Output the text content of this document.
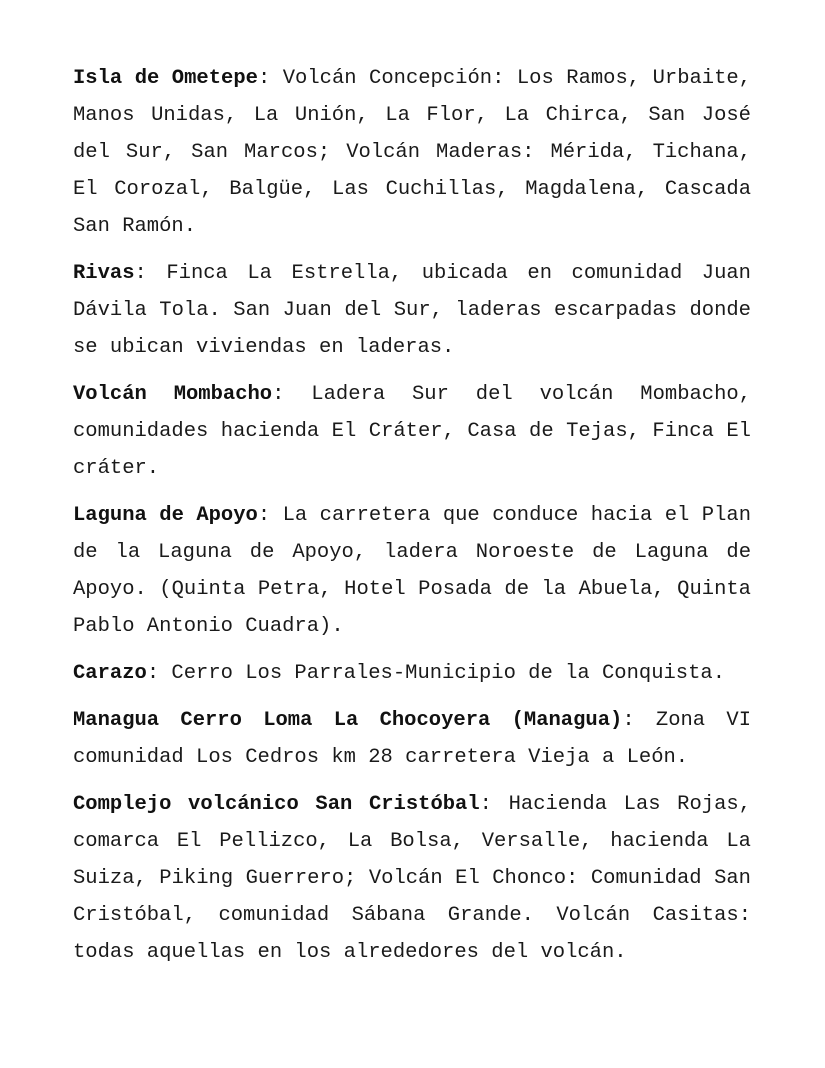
Isla de Ometepe: Volcán Concepción: Los Ramos, Urbaite, Manos Unidas, La Unión, La Flor, La Chirca, San José del Sur, San Marcos; Volcán Maderas: Mérida, Tichana, El Corozal, Balgüe, Las Cuchillas, Magdalena, Cascada San Ramón.

Rivas: Finca La Estrella, ubicada en comunidad Juan Dávila Tola. San Juan del Sur, laderas escarpadas donde se ubican viviendas en laderas.

Volcán Mombacho: Ladera Sur del volcán Mombacho, comunidades hacienda El Cráter, Casa de Tejas, Finca El cráter.

Laguna de Apoyo: La carretera que conduce hacia el Plan de la Laguna de Apoyo, ladera Noroeste de Laguna de Apoyo. (Quinta Petra, Hotel Posada de la Abuela, Quinta Pablo Antonio Cuadra).

Carazo: Cerro Los Parrales-Municipio de la Conquista.

Managua Cerro Loma La Chocoyera (Managua): Zona VI comunidad Los Cedros km 28 carretera Vieja a León.

Complejo volcánico San Cristóbal: Hacienda Las Rojas, comarca El Pellizco, La Bolsa, Versalle, hacienda La Suiza, Piking Guerrero; Volcán El Chonco: Comunidad San Cristóbal, comunidad Sábana Grande. Volcán Casitas: todas aquellas en los alrededores del volcán.
